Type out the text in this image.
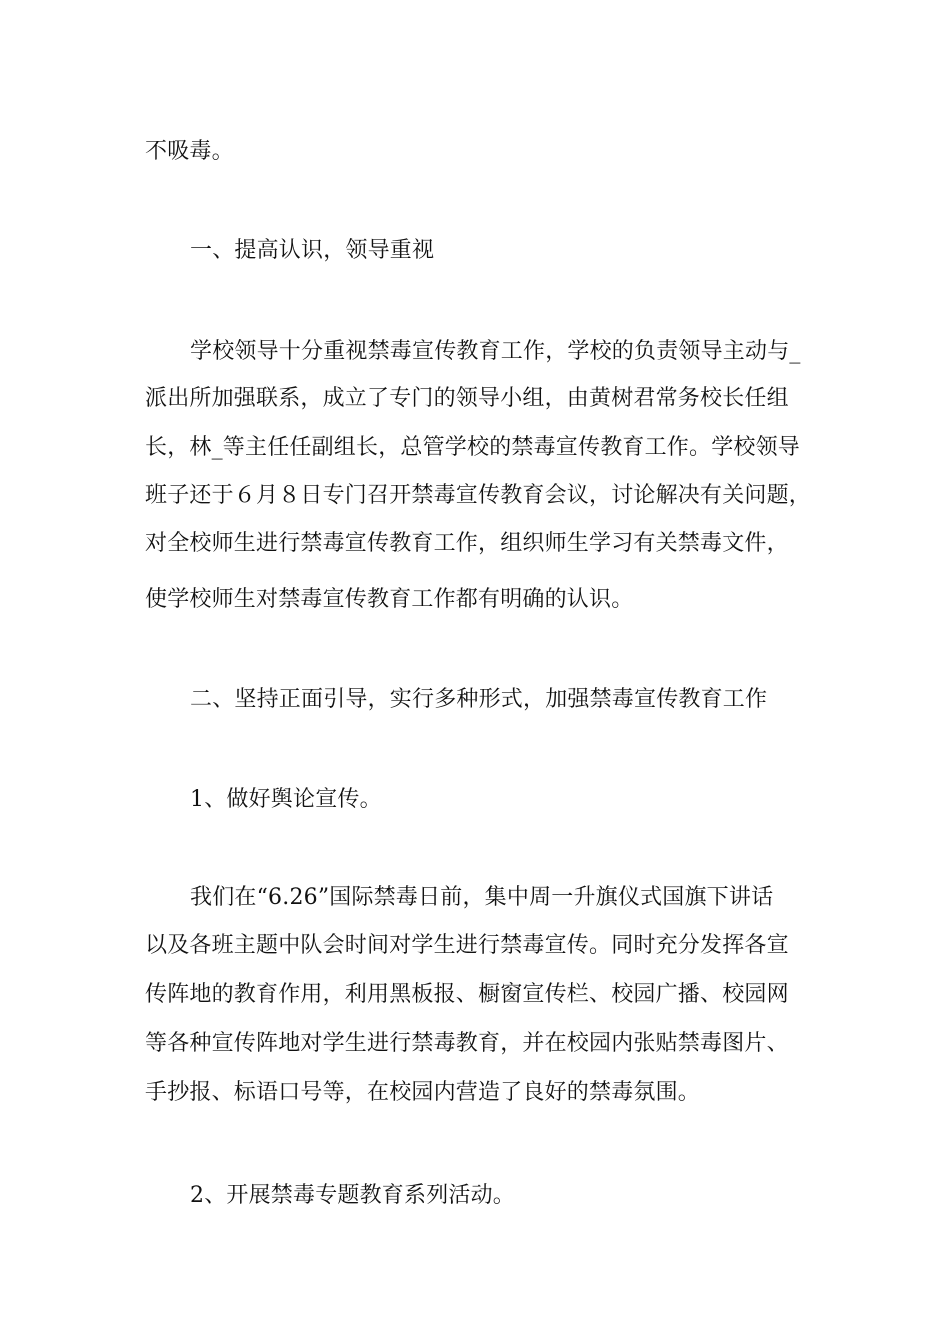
不吸毒。
一、提高认识，领导重视
学校领导十分重视禁毒宣传教育工作，学校的负责领导主动与_
派出所加强联系，成立了专门的领导小组，由黄树君常务校长任组
长，林_等主任任副组长，总管学校的禁毒宣传教育工作。学校领导
班子还于６月８日专门召开禁毒宣传教育会议，讨论解决有关问题，
对全校师生进行禁毒宣传教育工作，组织师生学习有关禁毒文件，
使学校师生对禁毒宣传教育工作都有明确的认识。
二、坚持正面引导，实行多种形式，加强禁毒宣传教育工作
1、做好舆论宣传。
我们在“6.26”国际禁毒日前，集中周一升旗仪式国旗下讲话
以及各班主题中队会时间对学生进行禁毒宣传。同时充分发挥各宣
传阵地的教育作用，利用黑板报、橱窗宣传栏、校园广播、校园网
等各种宣传阵地对学生进行禁毒教育，并在校园内张贴禁毒图片、
手抄报、标语口号等，在校园内营造了良好的禁毒氛围。
2、开展禁毒专题教育系列活动。
